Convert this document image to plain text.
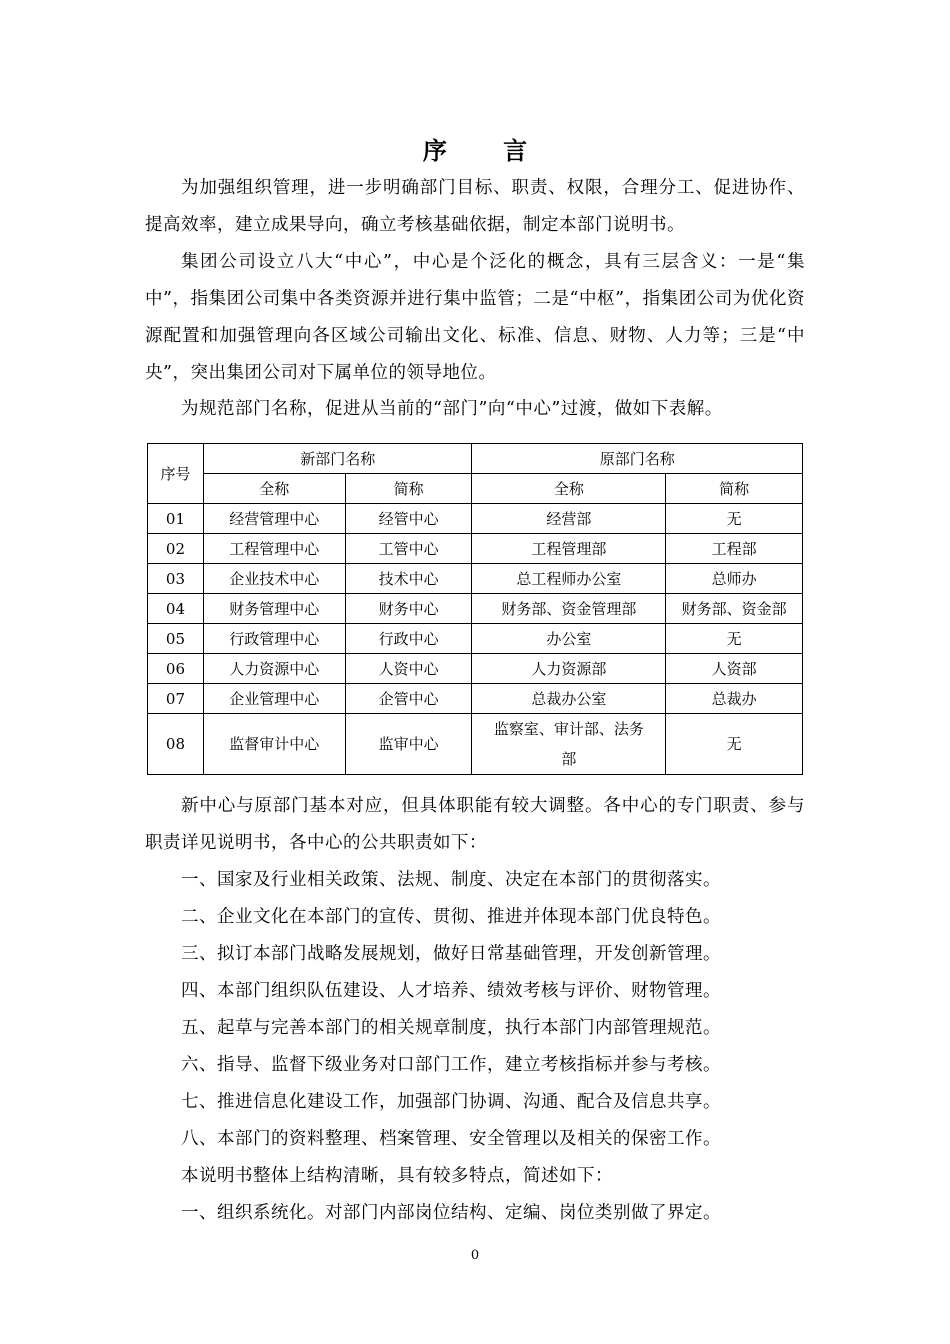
序 言

为加强组织管理，进一步明确部门目标、职责、权限，合理分工、促进协作、提高效率，建立成果导向，确立考核基础依据，制定本部门说明书。

集团公司设立八大“中心”，中心是个泛化的概念，具有三层含义：一是“集中”，指集团公司集中各类资源并进行集中监管；二是“中枢”，指集团公司为优化资源配置和加强管理向各区域公司输出文化、标准、信息、财物、人力等；三是“中央”，突出集团公司对下属单位的领导地位。

为规范部门名称，促进从当前的“部门”向“中心”过渡，做如下表解。

序号	新部门名称		原部门名称	
	全称	简称	全称	简称
01	经营管理中心	经管中心	经营部	无
02	工程管理中心	工管中心	工程管理部	工程部
03	企业技术中心	技术中心	总工程师办公室	总师办
04	财务管理中心	财务中心	财务部、资金管理部	财务部、资金部
05	行政管理中心	行政中心	办公室	无
06	人力资源中心	人资中心	人力资源部	人资部
07	企业管理中心	企管中心	总裁办公室	总裁办
08	监督审计中心	监审中心	监察室、审计部、法务部	无

新中心与原部门基本对应，但具体职能有较大调整。各中心的专门职责、参与职责详见说明书，各中心的公共职责如下：

一、国家及行业相关政策、法规、制度、决定在本部门的贯彻落实。
二、企业文化在本部门的宣传、贯彻、推进并体现本部门优良特色。
三、拟订本部门战略发展规划，做好日常基础管理，开发创新管理。
四、本部门组织队伍建设、人才培养、绩效考核与评价、财物管理。
五、起草与完善本部门的相关规章制度，执行本部门内部管理规范。
六、指导、监督下级业务对口部门工作，建立考核指标并参与考核。
七、推进信息化建设工作，加强部门协调、沟通、配合及信息共享。
八、本部门的资料整理、档案管理、安全管理以及相关的保密工作。
本说明书整体上结构清晰，具有较多特点，简述如下：
一、组织系统化。对部门内部岗位结构、定编、岗位类别做了界定。
0
